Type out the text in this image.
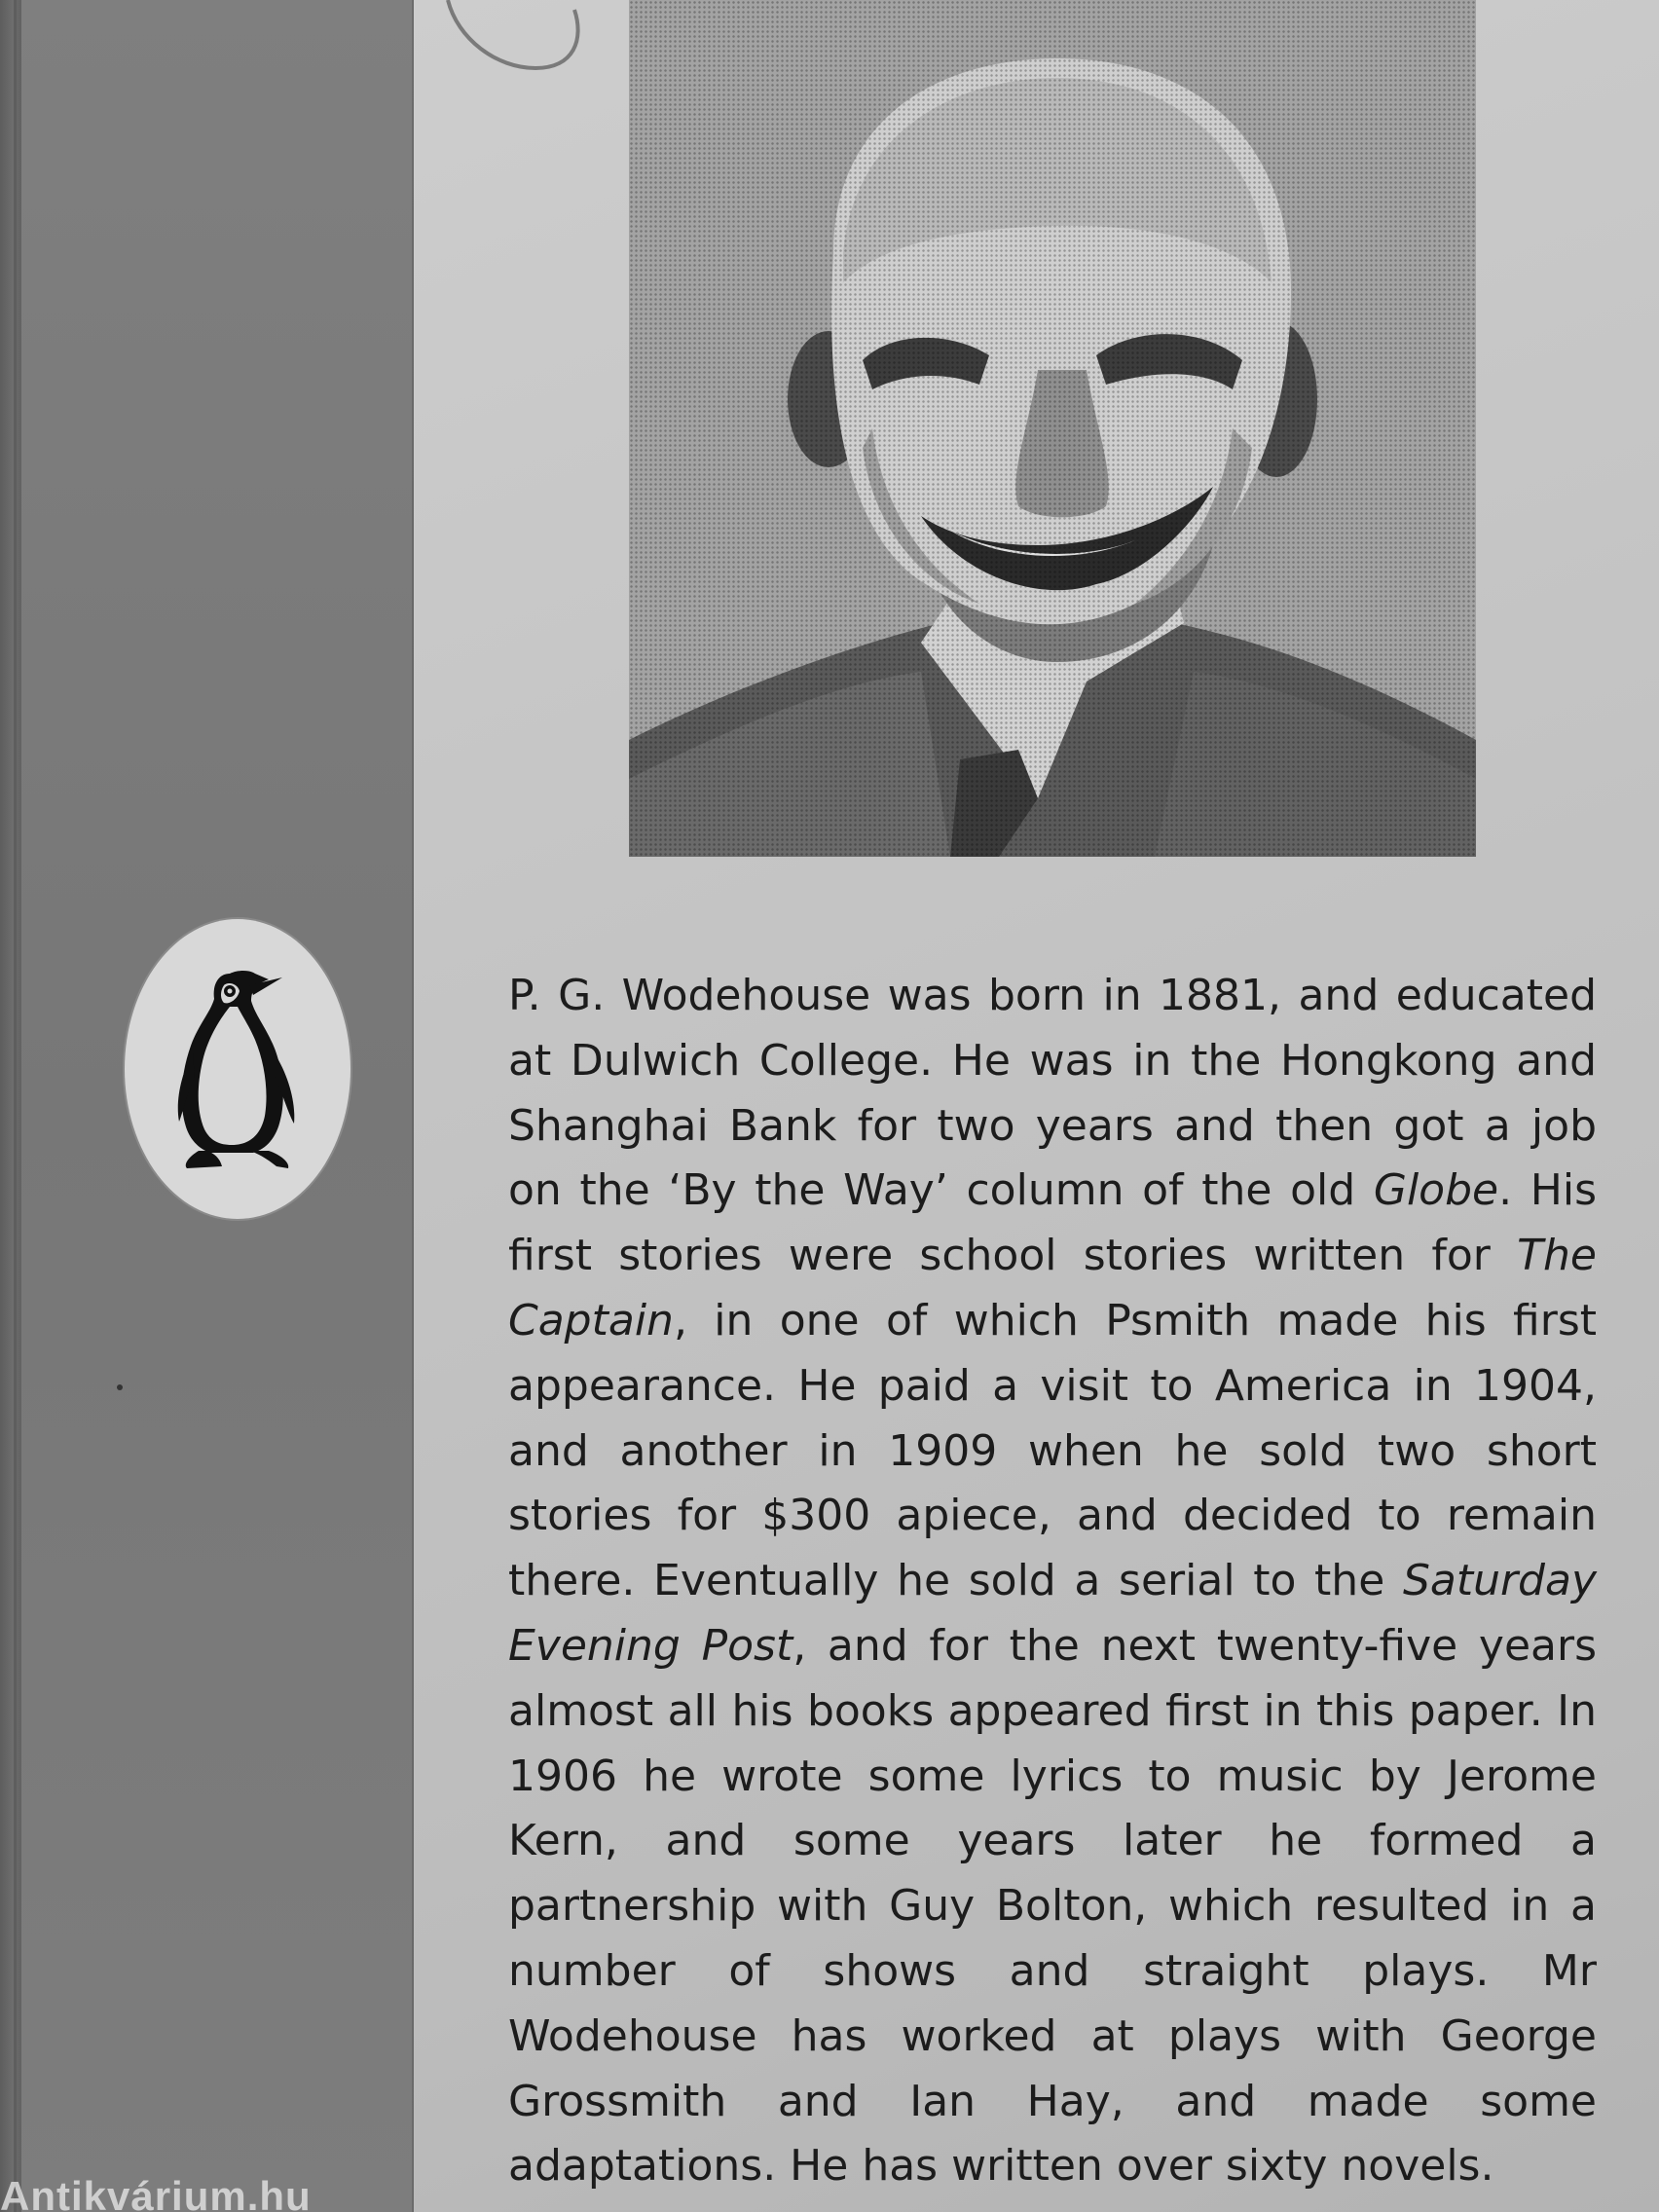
Antikvárium.hu

P. G. Wodehouse was born in 1881, and educated at Dulwich College. He was in the Hongkong and Shanghai Bank for two years and then got a job on the ‘By the Way’ column of the old Globe. His first stories were school stories written for The Captain, in one of which Psmith made his first appearance. He paid a visit to America in 1904, and another in 1909 when he sold two short stories for $300 apiece, and decided to remain there. Eventually he sold a serial to the Saturday Evening Post, and for the next twenty-five years almost all his books appeared first in this paper. In 1906 he wrote some lyrics to music by Jerome Kern, and some years later he formed a partnership with Guy Bolton, which resulted in a number of shows and straight plays. Mr Wodehouse has worked at plays with George Grossmith and Ian Hay, and made some adaptations. He has written over sixty novels.
